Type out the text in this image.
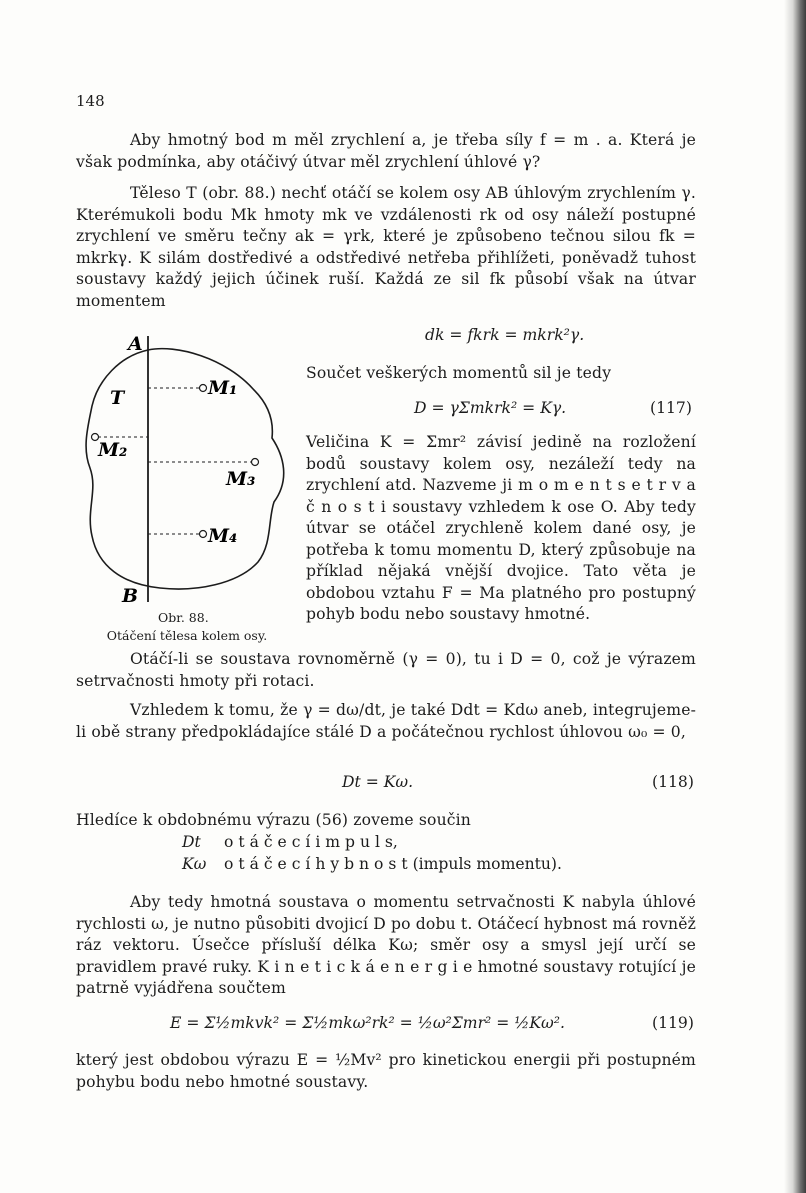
148
Aby hmotný bod m měl zrychlení a, je třeba síly f = m . a. Která je však podmínka, aby otáčivý útvar měl zrychlení úhlové γ?
Těleso T (obr. 88.) nechť otáčí se kolem osy AB úhlovým zrychlením γ. Kterémukoli bodu Mk hmoty mk ve vzdálenosti rk od osy náleží postupné zrychlení ve směru tečny ak = γrk, které je způsobeno tečnou silou fk = mkrkγ. K silám dostředivé a odstředivé netřeba přihlížeti, poněvadž tuhost soustavy každý jejich účinek ruší. Každá ze sil fk působí však na útvar momentem
dk = fkrk = mkrk²γ.
A
B
T	M₁
M₂
M₃
M₄
Obr. 88.
Otáčení tělesa kolem osy.
Součet veškerých momentů sil je tedy
D = γΣmkrk² = Kγ.	(117)
Veličina K = Σmr² závisí jedině na rozložení bodů soustavy kolem osy, nezáleží tedy na zrychlení atd. Nazveme ji m o m e n t s e t r v a č n o s t i soustavy vzhledem k ose O. Aby tedy útvar se otáčel zrychleně kolem dané osy, je potřeba k tomu momentu D, který způsobuje na příklad nějaká vnější dvojice. Tato věta je obdobou vztahu F = Ma platného pro postupný pohyb bodu nebo soustavy hmotné.
Otáčí-li se soustava rovnoměrně (γ = 0), tu i D = 0, což je výrazem setrvačnosti hmoty při rotaci.
Vzhledem k tomu, že γ = dω/dt, je také Ddt = Kdω aneb, integrujeme-li obě strany předpokládajíce stálé D a počátečnou rychlost úhlovou ω₀ = 0,
Dt = Kω.	(118)
Hledíce k obdobnému výrazu (56) zoveme součin
Dt o t á č e c í i m p u l s,
Kω o t á č e c í h y b n o s t (impuls momentu).
Aby tedy hmotná soustava o momentu setrvačnosti K nabyla úhlové rychlosti ω, je nutno působiti dvojicí D po dobu t. Otáčecí hybnost má rovněž ráz vektoru. Úsečce přísluší délka Kω; směr osy a smysl její určí se pravidlem pravé ruky. K i n e t i c k á e n e r g i e hmotné soustavy rotující je patrně vyjádřena součtem
E = Σ½mkvk² = Σ½mkω²rk² = ½ω²Σmr² = ½Kω².	(119)
který jest obdobou výrazu E = ½Mv² pro kinetickou energii při postupném pohybu bodu nebo hmotné soustavy.
